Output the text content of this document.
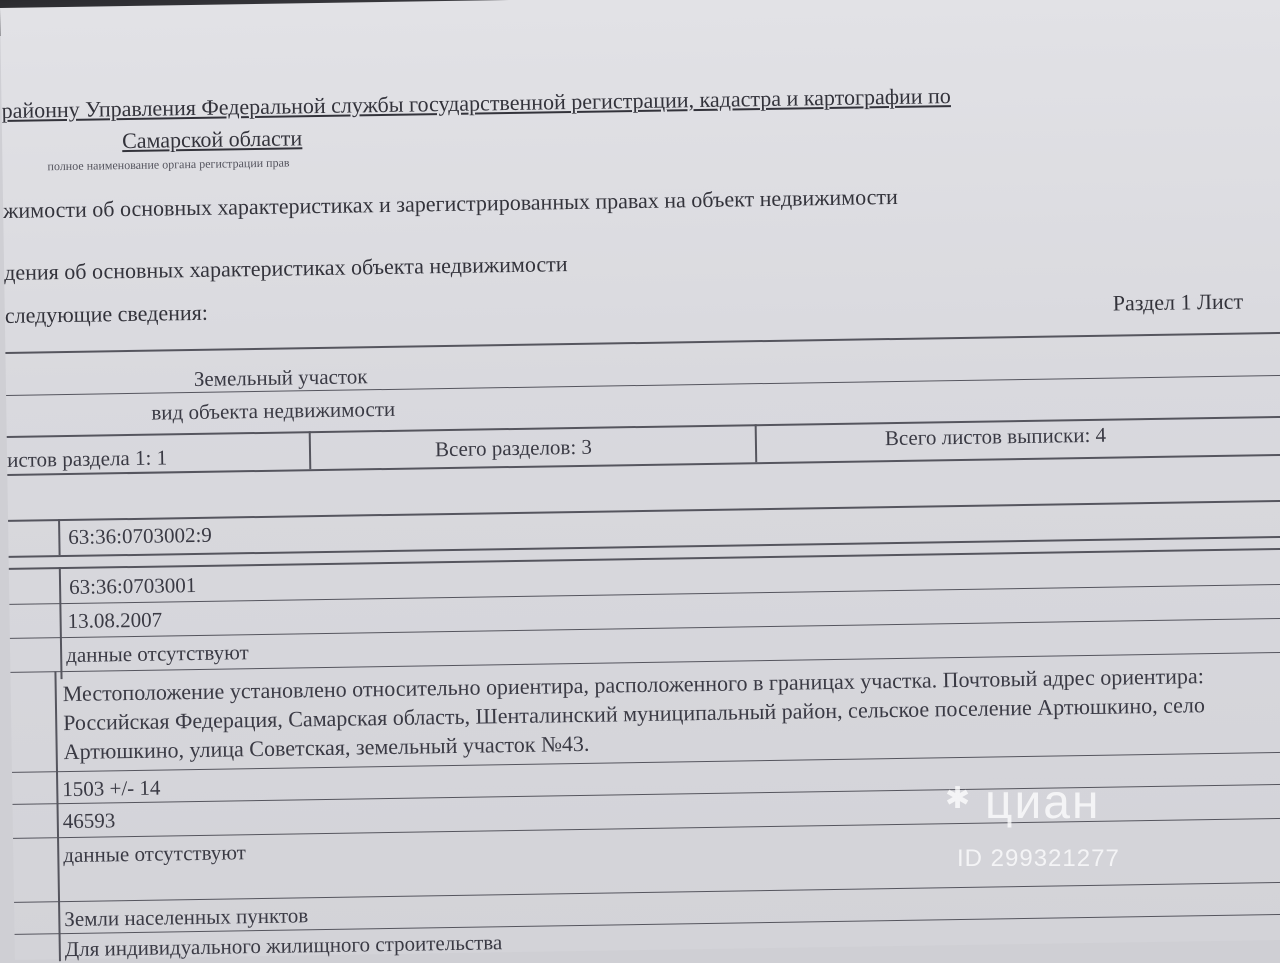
районну Управления Федеральной службы государственной регистрации, кадастра и картографии по
Самарской области
полное наименование органа регистрации прав
жимости об основных характеристиках и зарегистрированных правах на объект недвижимости
дения об основных характеристиках объекта недвижимости
следующие сведения:	Раздел 1 Лист
Земельный участок
вид объекта недвижимости
истов раздела 1: 1	Всего разделов: 3	Всего листов выписки: 4
63:36:0703002:9
63:36:0703001
13.08.2007
данные отсутствуют
Местоположение установлено относительно ориентира, расположенного в границах участка. Почтовый адрес ориентира: Российская Федерация, Самарская область, Шенталинский муниципальный район, сельское поселение Артюшкино, село Артюшкино, улица Советская, земельный участок №43.
1503 +/- 14
46593
данные отсутствуют
Земли населенных пунктов
Для индивидуального жилищного строительства
✱ циан
ID 299321277
